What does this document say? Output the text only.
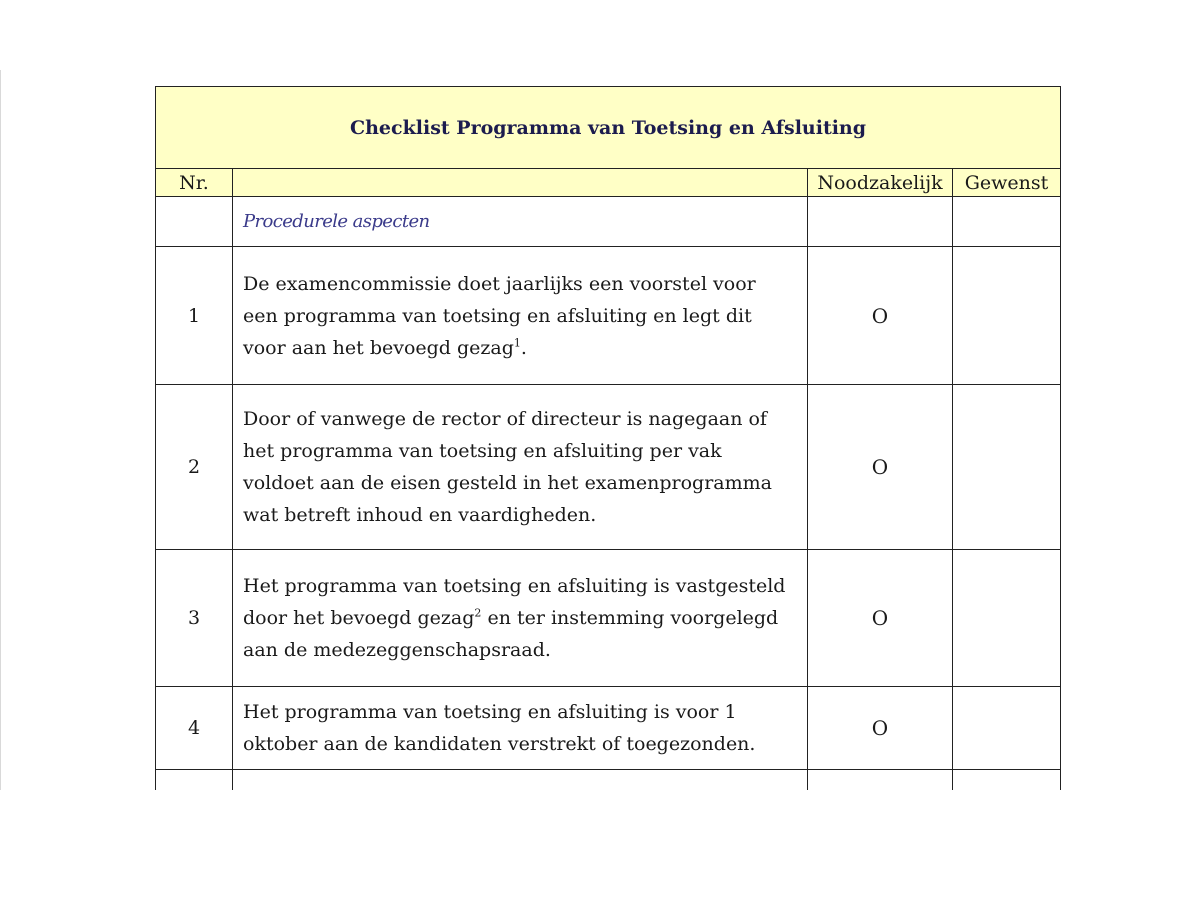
Checklist Programma van Toetsing en Afsluiting			
Nr.		Noodzakelijk	Gewenst
	Procedurele aspecten		
1	De examencommissie doet jaarlijks een voorstel voor een programma van toetsing en afsluiting en legt dit voor aan het bevoegd gezag$^1$.	O	
2	Door of vanwege de rector of directeur is nagegaan of het programma van toetsing en afsluiting per vak voldoet aan de eisen gesteld in het examenprogramma wat betreft inhoud en vaardigheden.	O	
3	Het programma van toetsing en afsluiting is vastgesteld door het bevoegd gezag$^2$ en ter instemming voorgelegd aan de medezeggenschapsraad.	O	
4	Het programma van toetsing en afsluiting is voor 1 oktober aan de kandidaten verstrekt of toegezonden.	O	
